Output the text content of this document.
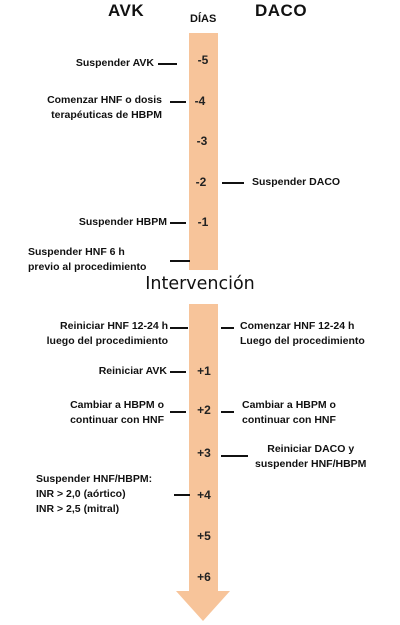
AVK	DÍAS DACO
-5
-4
-3
-2
-1
Suspender AVK
Comenzar HNF o dosis
terapéuticas de HBPM
Suspender HBPM
Suspender HNF 6 h
previo al procedimiento
Suspender DACO
Intervención
+1
+2
+3
+4
+5
+6
Reiniciar HNF 12-24 h
luego del procedimiento
Reiniciar AVK
Cambiar a HBPM o
continuar con HNF
Suspender HNF/HBPM:
INR > 2,0 (aórtico)
INR > 2,5 (mitral)
Comenzar HNF 12-24 h
Luego del procedimiento
Cambiar a HBPM o
continuar con HNF
Reiniciar DACO y
suspender HNF/HBPM
